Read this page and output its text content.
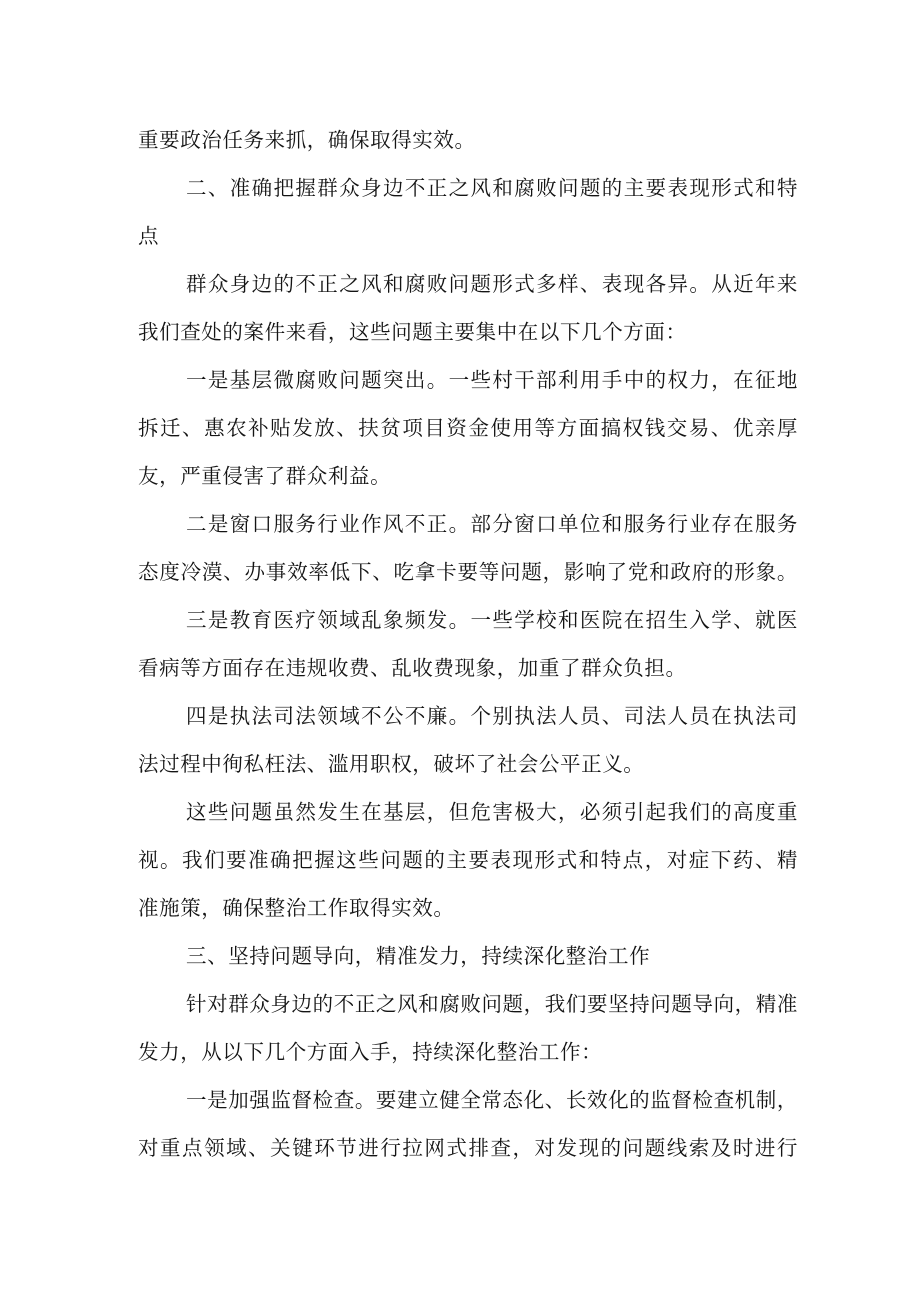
重要政治任务来抓，确保取得实效。
二、准确把握群众身边不正之风和腐败问题的主要表现形式和特
点
群众身边的不正之风和腐败问题形式多样、表现各异。从近年来
我们查处的案件来看，这些问题主要集中在以下几个方面：
一是基层微腐败问题突出。一些村干部利用手中的权力，在征地
拆迁、惠农补贴发放、扶贫项目资金使用等方面搞权钱交易、优亲厚
友，严重侵害了群众利益。
二是窗口服务行业作风不正。部分窗口单位和服务行业存在服务
态度冷漠、办事效率低下、吃拿卡要等问题，影响了党和政府的形象。
三是教育医疗领域乱象频发。一些学校和医院在招生入学、就医
看病等方面存在违规收费、乱收费现象，加重了群众负担。
四是执法司法领域不公不廉。个别执法人员、司法人员在执法司
法过程中徇私枉法、滥用职权，破坏了社会公平正义。
这些问题虽然发生在基层，但危害极大，必须引起我们的高度重
视。我们要准确把握这些问题的主要表现形式和特点，对症下药、精
准施策，确保整治工作取得实效。
三、坚持问题导向，精准发力，持续深化整治工作
针对群众身边的不正之风和腐败问题，我们要坚持问题导向，精准
发力，从以下几个方面入手，持续深化整治工作：
一是加强监督检查。要建立健全常态化、长效化的监督检查机制，
对重点领域、关键环节进行拉网式排查，对发现的问题线索及时进行
